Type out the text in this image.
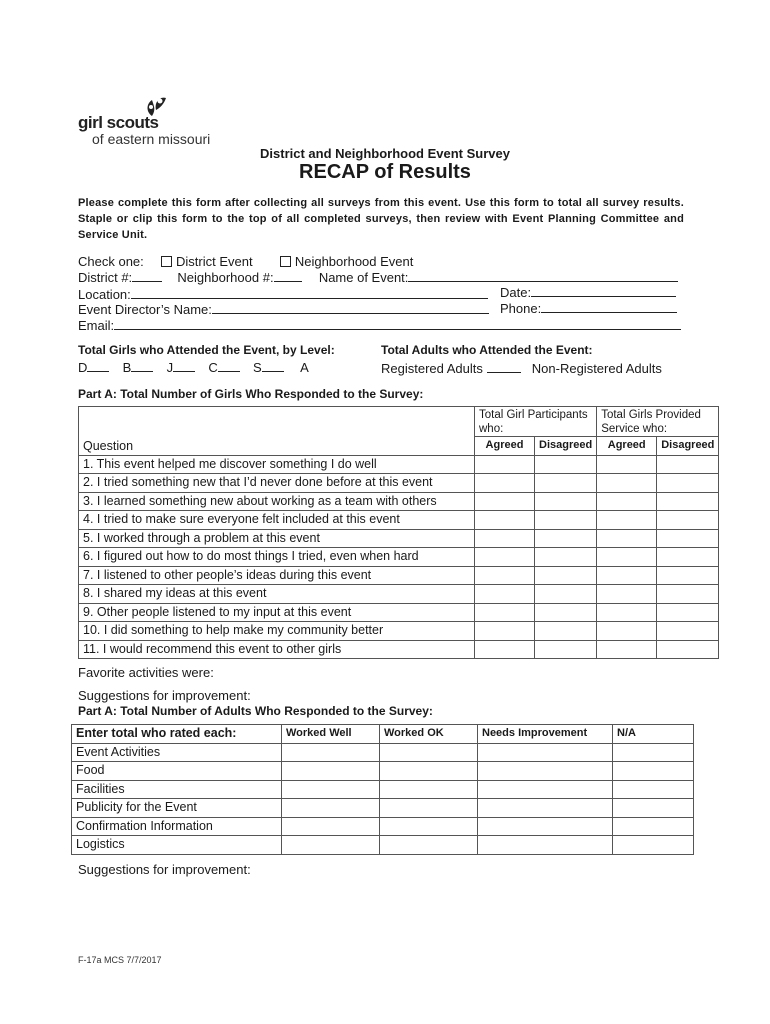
girl scouts
of eastern missouri
District and Neighborhood Event Survey
RECAP of Results
Please complete this form after collecting all surveys from this event. Use this form to total all survey results. Staple or clip this form to the top of all completed surveys, then review with Event Planning Committee and Service Unit.
Check one: District Event	Neighborhood Event
District #:	Neighborhood #:	Name of Event:
Location:	Date:
Event Director’s Name:	Phone:
Email:
Total Girls who Attended the Event, by Level:	Total Adults who Attended the Event:
D	B	J	C	S	A	Registered Adults	Non-Registered Adults
Part A: Total Number of Girls Who Responded to the Survey:
Question	Total Girl Participants who:		Total Girls Provided Service who:	
	Agreed	Disagreed	Agreed	Disagreed
1. This event helped me discover something I do well				
2. I tried something new that I’d never done before at this event				
3. I learned something new about working as a team with others				
4. I tried to make sure everyone felt included at this event				
5. I worked through a problem at this event				
6. I figured out how to do most things I tried, even when hard				
7. I listened to other people’s ideas during this event				
8. I shared my ideas at this event				
9. Other people listened to my input at this event				
10. I did something to help make my community better				
11. I would recommend this event to other girls				
Favorite activities were:
Suggestions for improvement:
Part A: Total Number of Adults Who Responded to the Survey:
Enter total who rated each:	Worked Well	Worked OK	Needs Improvement	N/A
Event Activities				
Food				
Facilities				
Publicity for the Event				
Confirmation Information				
Logistics				
Suggestions for improvement:
F-17a MCS 7/7/2017
